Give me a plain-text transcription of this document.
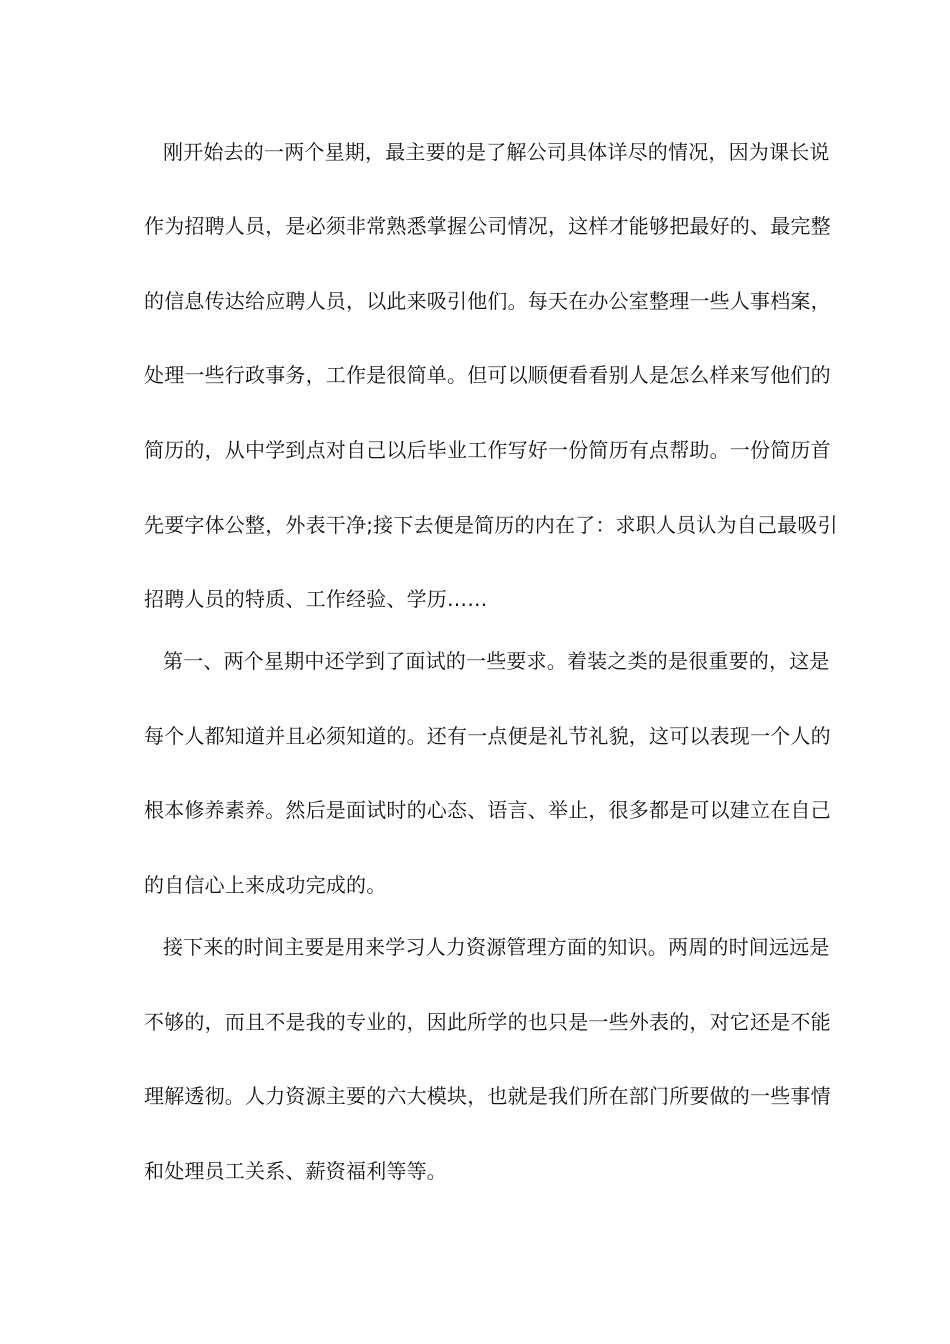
刚开始去的一两个星期，最主要的是了解公司具体详尽的情况，因为课长说
作为招聘人员，是必须非常熟悉掌握公司情况，这样才能够把最好的、最完整
的信息传达给应聘人员，以此来吸引他们。每天在办公室整理一些人事档案，
处理一些行政事务，工作是很简单。但可以顺便看看别人是怎么样来写他们的
简历的，从中学到点对自己以后毕业工作写好一份简历有点帮助。一份简历首
先要字体公整，外表干净;接下去便是简历的内在了：求职人员认为自己最吸引
招聘人员的特质、工作经验、学历……
第一、两个星期中还学到了面试的一些要求。着装之类的是很重要的，这是
每个人都知道并且必须知道的。还有一点便是礼节礼貌，这可以表现一个人的
根本修养素养。然后是面试时的心态、语言、举止，很多都是可以建立在自己
的自信心上来成功完成的。
接下来的时间主要是用来学习人力资源管理方面的知识。两周的时间远远是
不够的，而且不是我的专业的，因此所学的也只是一些外表的，对它还是不能
理解透彻。人力资源主要的六大模块，也就是我们所在部门所要做的一些事情
和处理员工关系、薪资福利等等。
